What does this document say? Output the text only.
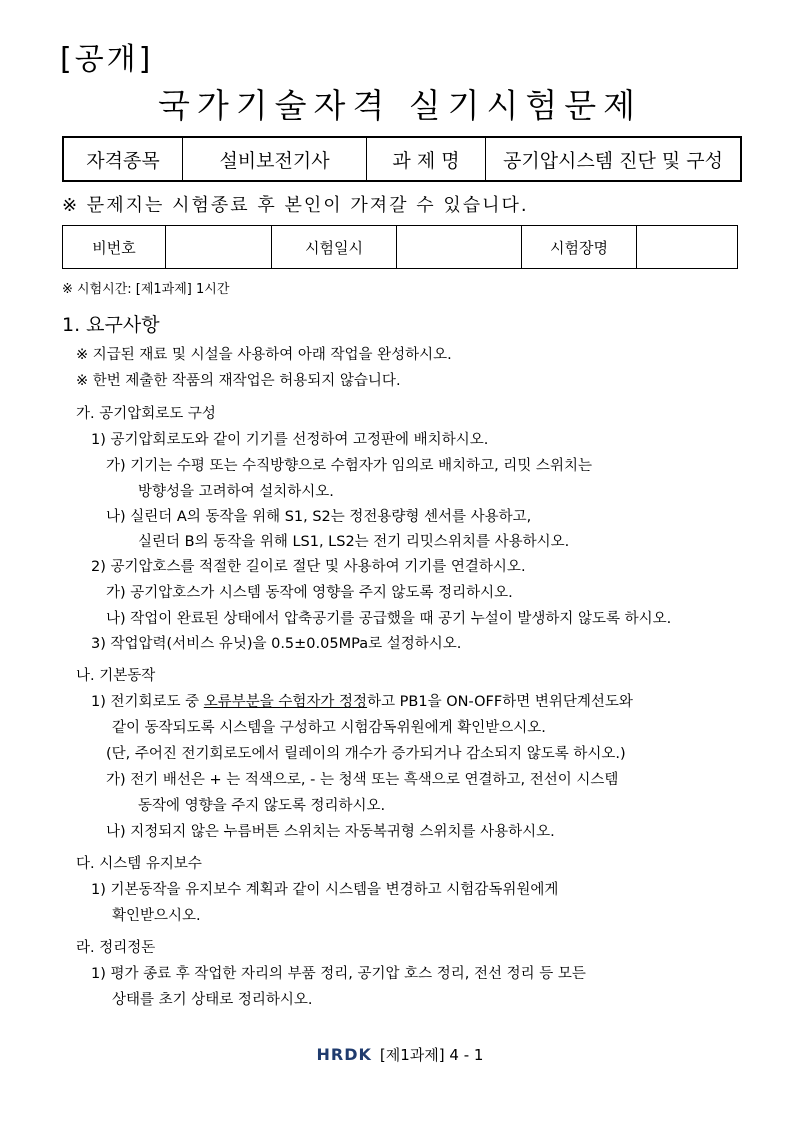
[공개]
국가기술자격 실기시험문제
자격종목	설비보전기사	과 제 명	공기압시스템 진단 및 구성
※ 문제지는 시험종료 후 본인이 가져갈 수 있습니다.
비번호		시험일시		시험장명	
※ 시험시간: [제1과제] 1시간
1. 요구사항
※ 지급된 재료 및 시설을 사용하여 아래 작업을 완성하시오.
※ 한번 제출한 작품의 재작업은 허용되지 않습니다.
가. 공기압회로도 구성
1) 공기압회로도와 같이 기기를 선정하여 고정판에 배치하시오.
가) 기기는 수평 또는 수직방향으로 수험자가 임의로 배치하고, 리밋 스위치는
방향성을 고려하여 설치하시오.
나) 실린더 A의 동작을 위해 S1, S2는 정전용량형 센서를 사용하고,
실린더 B의 동작을 위해 LS1, LS2는 전기 리밋스위치를 사용하시오.
2) 공기압호스를 적절한 길이로 절단 및 사용하여 기기를 연결하시오.
가) 공기압호스가 시스템 동작에 영향을 주지 않도록 정리하시오.
나) 작업이 완료된 상태에서 압축공기를 공급했을 때 공기 누설이 발생하지 않도록 하시오.
3) 작업압력(서비스 유닛)을 0.5±0.05MPa로 설정하시오.
나. 기본동작
1) 전기회로도 중 오류부분을 수험자가 정정하고 PB1을 ON-OFF하면 변위단계선도와
같이 동작되도록 시스템을 구성하고 시험감독위원에게 확인받으시오.
(단, 주어진 전기회로도에서 릴레이의 개수가 증가되거나 감소되지 않도록 하시오.)
가) 전기 배선은 + 는 적색으로, - 는 청색 또는 흑색으로 연결하고, 전선이 시스템
동작에 영향을 주지 않도록 정리하시오.
나) 지정되지 않은 누름버튼 스위치는 자동복귀형 스위치를 사용하시오.
다. 시스템 유지보수
1) 기본동작을 유지보수 계획과 같이 시스템을 변경하고 시험감독위원에게
확인받으시오.
라. 정리정돈
1) 평가 종료 후 작업한 자리의 부품 정리, 공기압 호스 정리, 전선 정리 등 모든
상태를 초기 상태로 정리하시오.
HRDK [제1과제] 4 - 1
